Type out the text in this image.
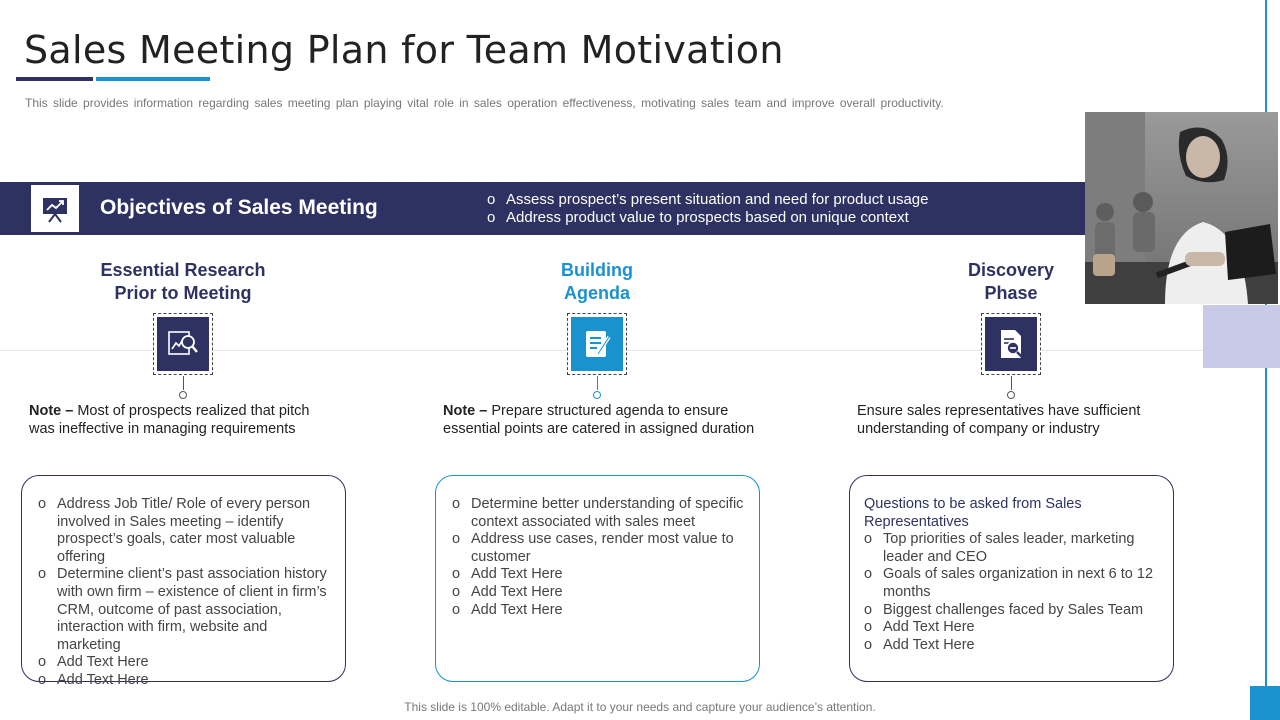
Sales Meeting Plan for Team Motivation
This slide provides information regarding sales meeting plan playing vital role in sales operation effectiveness, motivating sales team and improve overall productivity.
Objectives of Sales Meeting
o	Assess prospect’s present situation and need for product usage
o Address product value to prospects based on unique context
Essential Research
Prior to Meeting
Note – Most of prospects realized that pitch was ineffective in managing requirements
o Address Job Title/ Role of every person involved in Sales meeting – identify prospect’s goals, cater most valuable offering
o Determine client’s past association history with own firm – existence of client in firm’s CRM, outcome of past association, interaction with firm, website and marketing
o Add Text Here
o Add Text Here
Building
Agenda
Note – Prepare structured agenda to ensure essential points are catered in assigned duration
o Determine better understanding of specific context associated with sales meet
o Address use cases, render most value to customer
o Add Text Here
o Add Text Here
o Add Text Here
Discovery
Phase
Ensure sales representatives have sufficient understanding of company or industry
Questions to be asked from Sales Representatives
o Top priorities of sales leader, marketing leader and CEO
o Goals of sales organization in next 6 to 12 months
o Biggest challenges faced by Sales Team
o Add Text Here
o Add Text Here
This slide is 100% editable. Adapt it to your needs and capture your audience’s attention.
